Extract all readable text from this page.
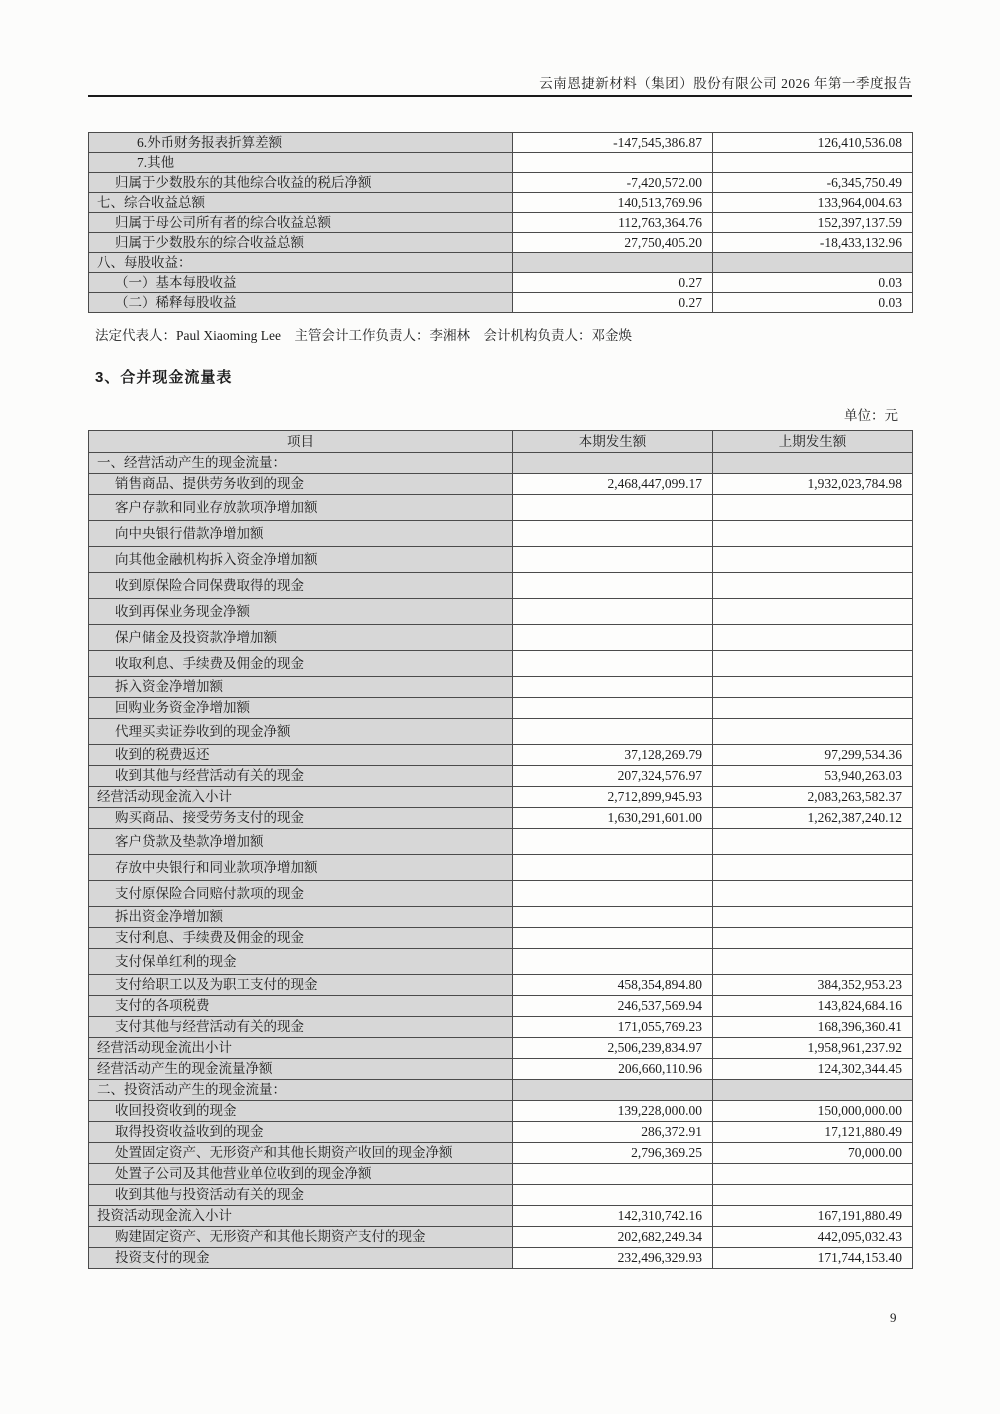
云南恩捷新材料（集团）股份有限公司 2026 年第一季度报告
6.外币财务报表折算差额	-147,545,386.87	126,410,536.08
7.其他		
归属于少数股东的其他综合收益的税后净额	-7,420,572.00	-6,345,750.49
七、综合收益总额	140,513,769.96	133,964,004.63
归属于母公司所有者的综合收益总额	112,763,364.76	152,397,137.59
归属于少数股东的综合收益总额	27,750,405.20	-18,433,132.96
八、每股收益：		
（一）基本每股收益	0.27	0.03
（二）稀释每股收益	0.27	0.03
法定代表人：Paul Xiaoming Lee　主管会计工作负责人：李湘林　会计机构负责人：邓金焕
3、合并现金流量表
单位：元
项目	本期发生额	上期发生额
一、经营活动产生的现金流量：		
销售商品、提供劳务收到的现金	2,468,447,099.17	1,932,023,784.98
客户存款和同业存放款项净增加额		
向中央银行借款净增加额		
向其他金融机构拆入资金净增加额		
收到原保险合同保费取得的现金		
收到再保业务现金净额		
保户储金及投资款净增加额		
收取利息、手续费及佣金的现金		
拆入资金净增加额		
回购业务资金净增加额		
代理买卖证券收到的现金净额		
收到的税费返还	37,128,269.79	97,299,534.36
收到其他与经营活动有关的现金	207,324,576.97	53,940,263.03
经营活动现金流入小计	2,712,899,945.93	2,083,263,582.37
购买商品、接受劳务支付的现金	1,630,291,601.00	1,262,387,240.12
客户贷款及垫款净增加额		
存放中央银行和同业款项净增加额		
支付原保险合同赔付款项的现金		
拆出资金净增加额		
支付利息、手续费及佣金的现金		
支付保单红利的现金		
支付给职工以及为职工支付的现金	458,354,894.80	384,352,953.23
支付的各项税费	246,537,569.94	143,824,684.16
支付其他与经营活动有关的现金	171,055,769.23	168,396,360.41
经营活动现金流出小计	2,506,239,834.97	1,958,961,237.92
经营活动产生的现金流量净额	206,660,110.96	124,302,344.45
二、投资活动产生的现金流量：		
收回投资收到的现金	139,228,000.00	150,000,000.00
取得投资收益收到的现金	286,372.91	17,121,880.49
处置固定资产、无形资产和其他长期资产收回的现金净额	2,796,369.25	70,000.00
处置子公司及其他营业单位收到的现金净额		
收到其他与投资活动有关的现金		
投资活动现金流入小计	142,310,742.16	167,191,880.49
购建固定资产、无形资产和其他长期资产支付的现金	202,682,249.34	442,095,032.43
投资支付的现金	232,496,329.93	171,744,153.40
9
